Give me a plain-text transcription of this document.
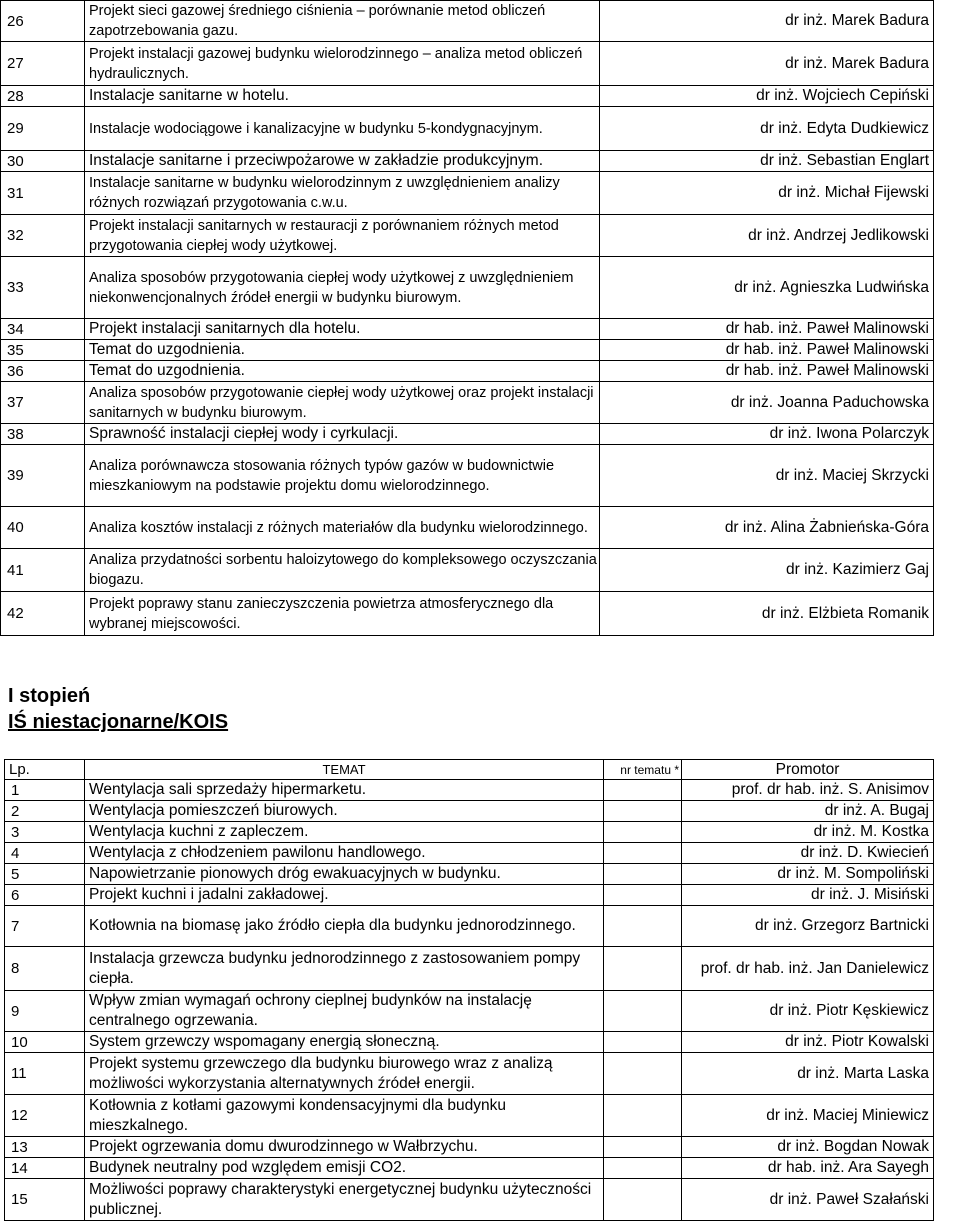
26	Projekt sieci gazowej średniego ciśnienia – porównanie metod obliczeń zapotrzebowania gazu.	dr inż. Marek Badura
27	Projekt instalacji gazowej budynku wielorodzinnego – analiza metod obliczeń hydraulicznych.	dr inż. Marek Badura
28	Instalacje sanitarne w hotelu.	dr inż. Wojciech Cepiński
29	Instalacje wodociągowe i kanalizacyjne w budynku 5-kondygnacyjnym.	dr inż. Edyta Dudkiewicz
30	Instalacje sanitarne i przeciwpożarowe w zakładzie produkcyjnym.	dr inż. Sebastian Englart
31	Instalacje sanitarne w budynku wielorodzinnym z uwzględnieniem analizy różnych rozwiązań przygotowania c.w.u.	dr inż. Michał Fijewski
32	Projekt instalacji sanitarnych w restauracji z porównaniem różnych metod przygotowania ciepłej wody użytkowej.	dr inż. Andrzej Jedlikowski
33	Analiza sposobów przygotowania ciepłej wody użytkowej z uwzględnieniem niekonwencjonalnych źródeł energii w budynku biurowym.	dr inż. Agnieszka Ludwińska
34	Projekt instalacji sanitarnych dla hotelu.	dr hab. inż. Paweł Malinowski
35	Temat do uzgodnienia.	dr hab. inż. Paweł Malinowski
36	Temat do uzgodnienia.	dr hab. inż. Paweł Malinowski
37	Analiza sposobów przygotowanie ciepłej wody użytkowej oraz projekt instalacji sanitarnych w budynku biurowym.	dr inż. Joanna Paduchowska
38	Sprawność instalacji ciepłej wody i cyrkulacji.	dr inż. Iwona Polarczyk
39	Analiza porównawcza stosowania różnych typów gazów w budownictwie mieszkaniowym na podstawie projektu domu wielorodzinnego.	dr inż. Maciej Skrzycki
40	Analiza kosztów instalacji z różnych materiałów dla budynku wielorodzinnego.	dr inż. Alina Żabnieńska-Góra
41	Analiza przydatności sorbentu haloizytowego do kompleksowego oczyszczania biogazu.	dr inż. Kazimierz Gaj
42	Projekt poprawy stanu zanieczyszczenia powietrza atmosferycznego dla wybranej miejscowości.	dr inż. Elżbieta Romanik
I stopień
IŚ niestacjonarne/KOIS
Lp.	TEMAT	nr tematu *	Promotor
1	Wentylacja sali sprzedaży hipermarketu.		prof. dr hab. inż. S. Anisimov
2	Wentylacja pomieszczeń biurowych.		dr inż. A. Bugaj
3	Wentylacja kuchni z zapleczem.		dr inż. M. Kostka
4	Wentylacja z chłodzeniem pawilonu handlowego.		dr inż. D. Kwiecień
5	Napowietrzanie pionowych dróg ewakuacyjnych w budynku.		dr inż. M. Sompoliński
6	Projekt kuchni i jadalni zakładowej.		dr inż. J. Misiński
7	Kotłownia na biomasę jako źródło ciepła dla budynku jednorodzinnego.		dr inż. Grzegorz Bartnicki
8	Instalacja grzewcza budynku jednorodzinnego z zastosowaniem pompy ciepła.		prof. dr hab. inż. Jan Danielewicz
9	Wpływ zmian wymagań ochrony cieplnej budynków na instalację centralnego ogrzewania.		dr inż. Piotr Kęskiewicz
10	System grzewczy wspomagany energią słoneczną.		dr inż. Piotr Kowalski
11	Projekt systemu grzewczego dla budynku biurowego wraz z analizą możliwości wykorzystania alternatywnych źródeł energii.		dr inż. Marta Laska
12	Kotłownia z kotłami gazowymi kondensacyjnymi dla budynku mieszkalnego.		dr inż. Maciej Miniewicz
13	Projekt ogrzewania domu dwurodzinnego w Wałbrzychu.		dr inż. Bogdan Nowak
14	Budynek neutralny pod względem emisji CO2.		dr hab. inż. Ara Sayegh
15	Możliwości poprawy charakterystyki energetycznej budynku użyteczności publicznej.		dr inż. Paweł Szałański
